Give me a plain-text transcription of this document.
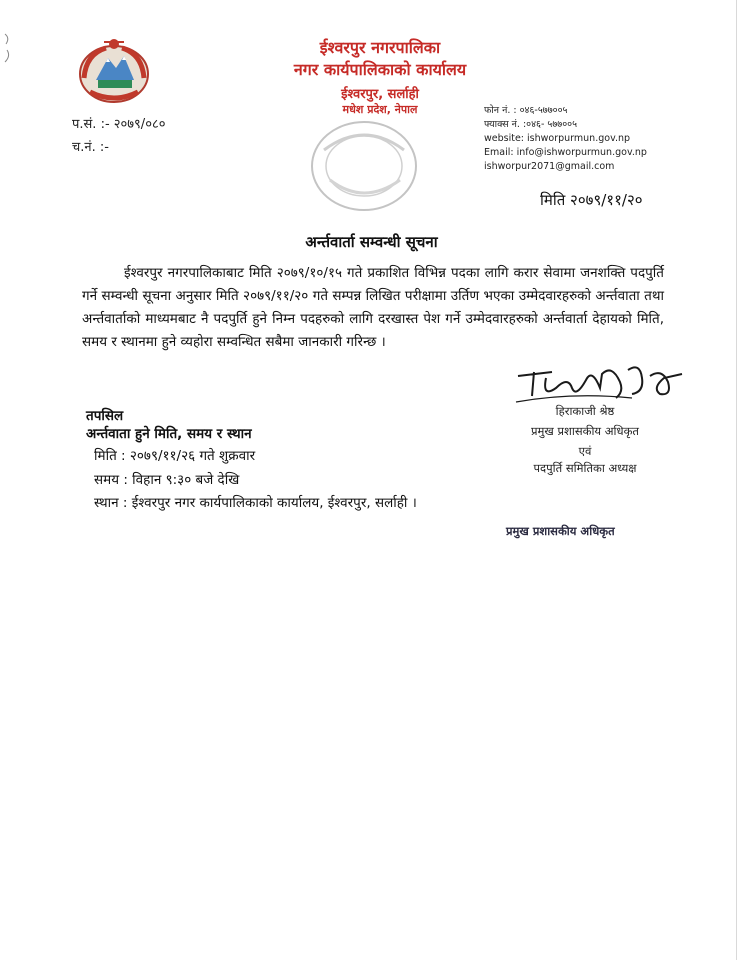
ईश्वरपुर नगरपालिका
नगर कार्यपालिकाको कार्यालय
ईश्वरपुर, सर्लाही
मधेश प्रदेश, नेपाल
प.सं. :- २०७९/०८०
च.नं. :-
फोन नं. : ०४६-५७७००५
फ्याक्स नं. :०४६- ५७७००५
website: ishworpurmun.gov.np
Email: info@ishworpurmun.gov.np
ishworpur2071@gmail.com
मिति २०७९/११/२०
अर्न्तवार्ता सम्वन्धी सूचना
ईश्वरपुर नगरपालिकाबाट मिति २०७९/१०/१५ गते प्रकाशित विभिन्न पदका लागि करार सेवामा जनशक्ति पदपुर्ति गर्ने सम्वन्धी सूचना अनुसार मिति २०७९/११/२० गते सम्पन्न लिखित परीक्षामा उर्तिण भएका उम्मेदवारहरुको अर्न्तवाता तथा अर्न्तवार्ताको माध्यमबाट नै पदपुर्ति हुने निम्न पदहरुको लागि दरखास्त पेश गर्ने उम्मेदवारहरुको अर्न्तवार्ता देहायको मिति, समय र स्थानमा हुने व्यहोरा सम्वन्धित सबैमा जानकारी गरिन्छ ।
हिराकाजी श्रेष्ठ
प्रमुख प्रशासकीय अधिकृत
एवं
पदपुर्ति समितिका अध्यक्ष
तपसिल
अर्न्तवाता हुने मिति, समय र स्थान
मिति : २०७९/११/२६ गते शुक्रवार
समय : विहान ९:३० बजे देखि
स्थान : ईश्वरपुर नगर कार्यपालिकाको कार्यालय, ईश्वरपुर, सर्लाही ।
प्रमुख प्रशासकीय अधिकृत
